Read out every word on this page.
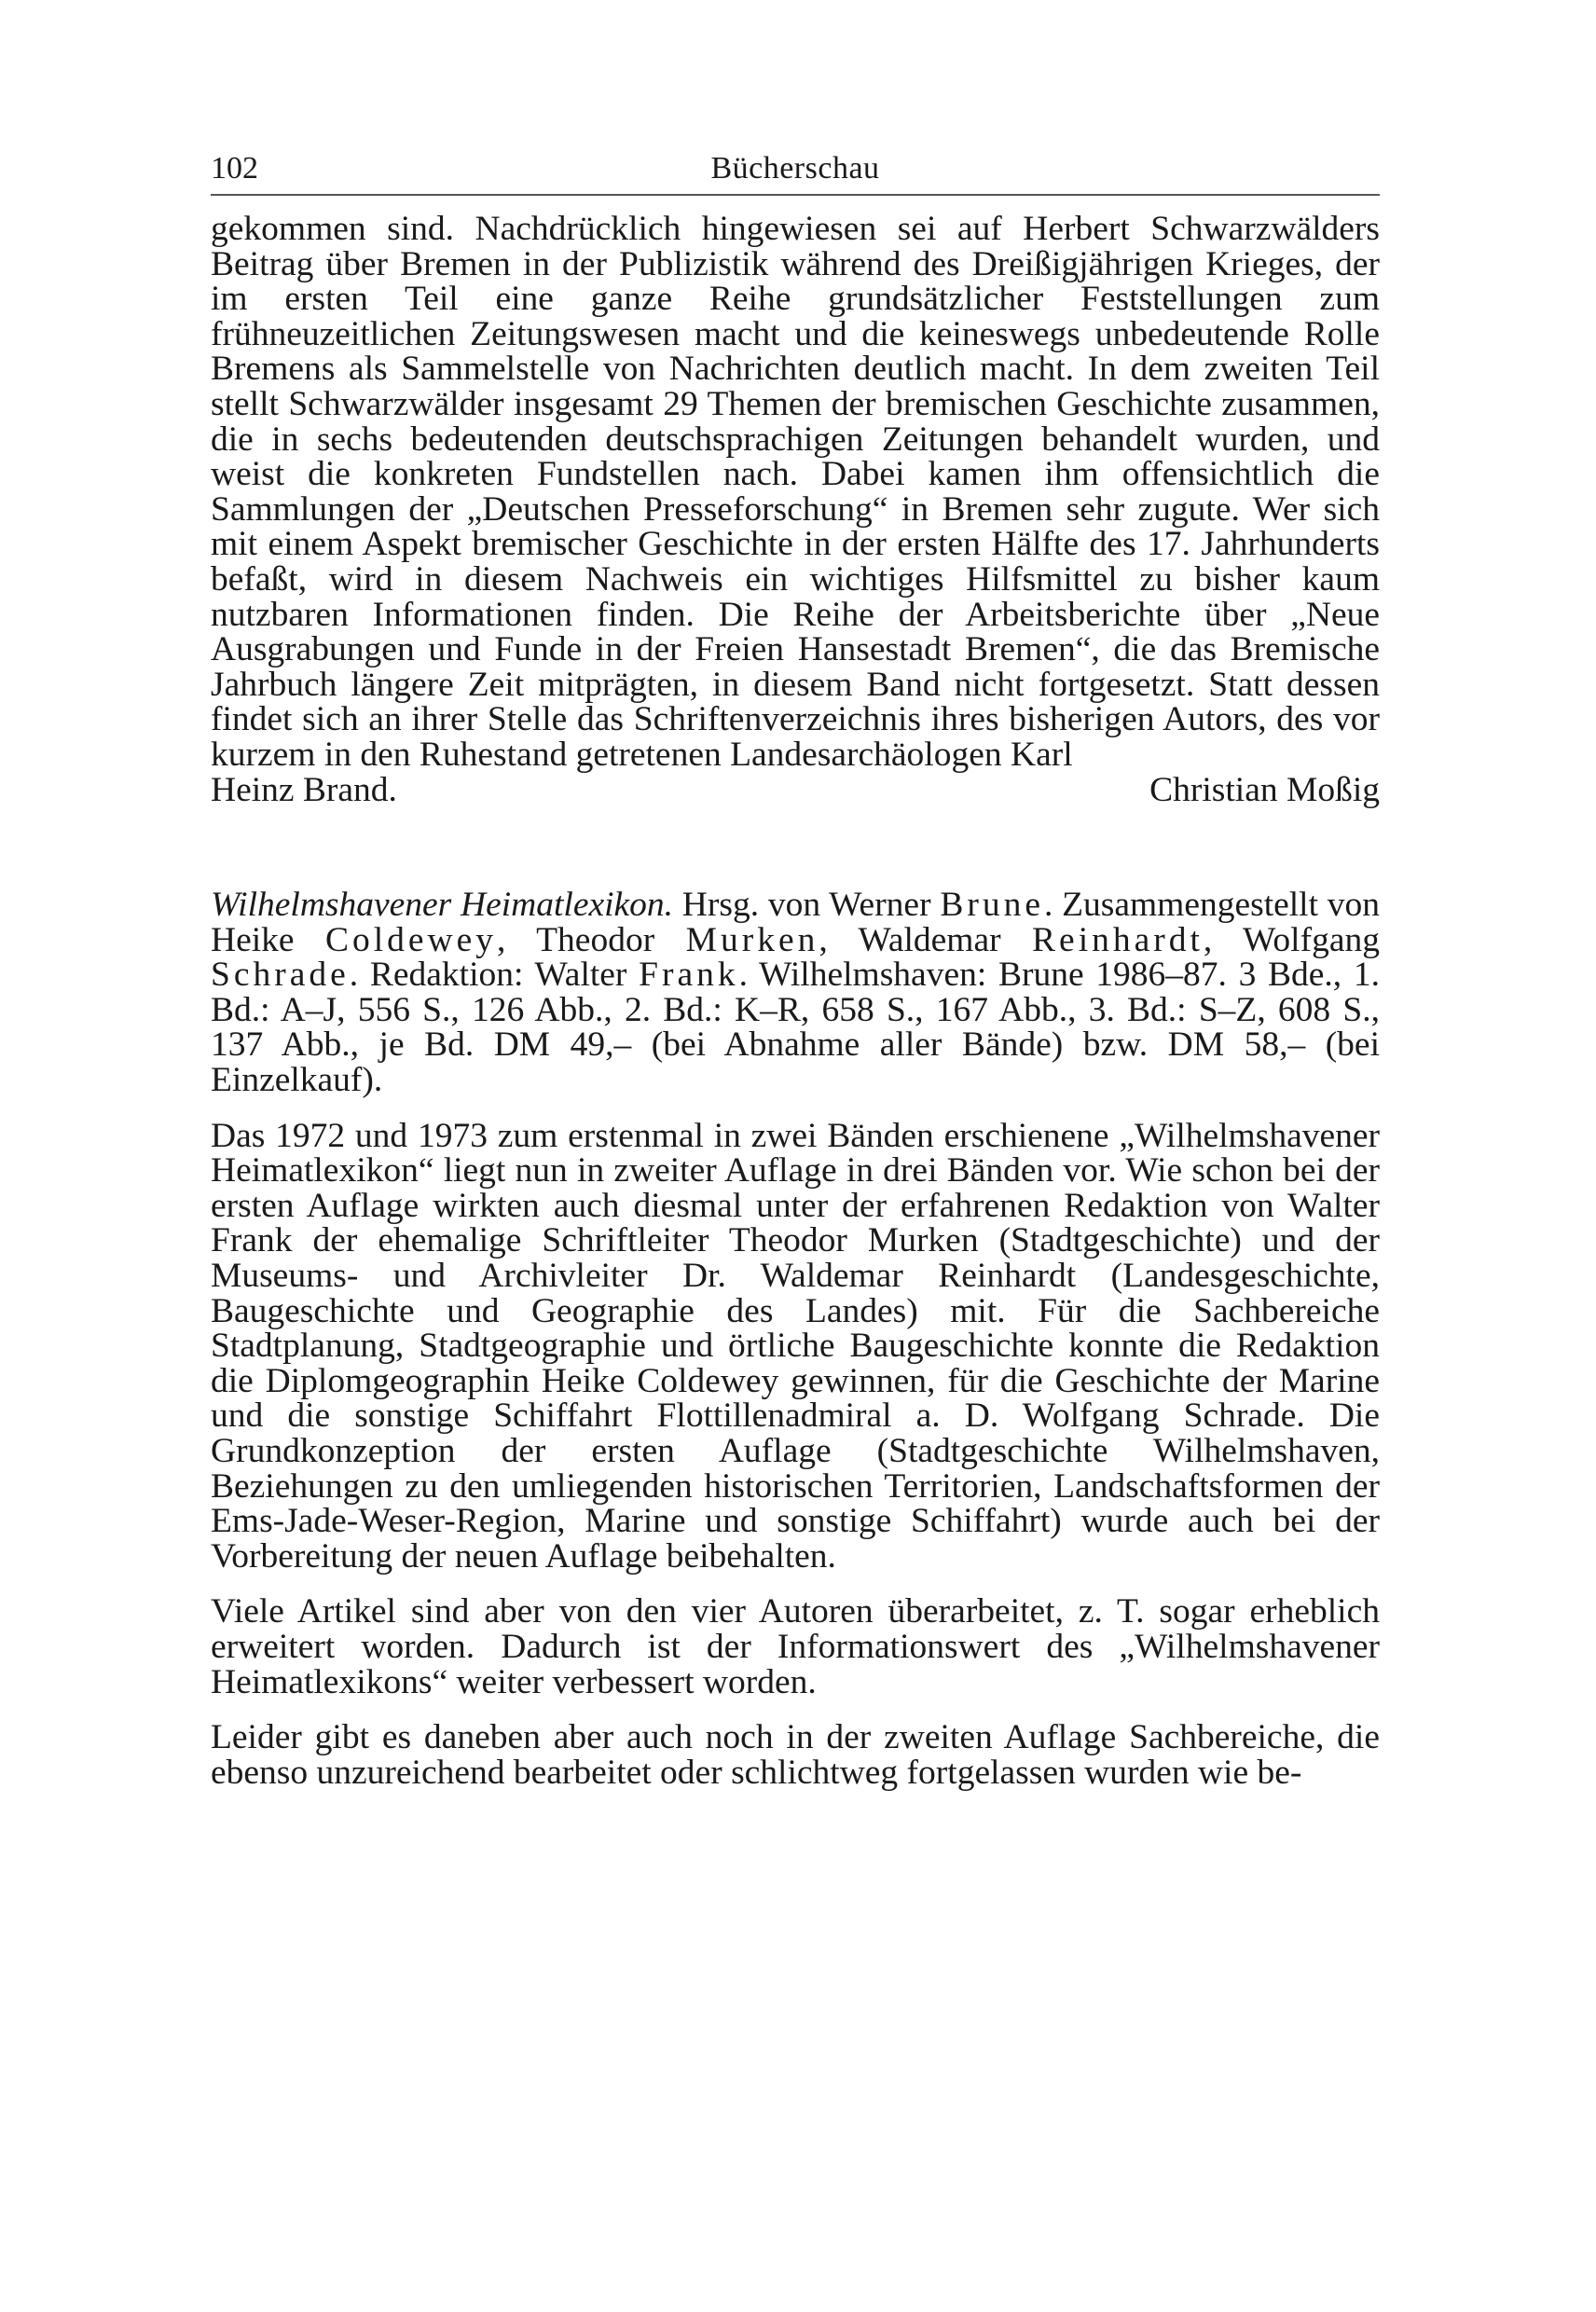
102	Bücherschau

gekommen sind. Nachdrücklich hingewiesen sei auf Herbert Schwarzwälders Beitrag über Bremen in der Publizistik während des Dreißigjährigen Krieges, der im ersten Teil eine ganze Reihe grundsätzlicher Feststellungen zum frühneuzeitlichen Zeitungswesen macht und die keineswegs unbedeutende Rolle Bremens als Sammelstelle von Nachrichten deutlich macht. In dem zweiten Teil stellt Schwarzwälder insgesamt 29 Themen der bremischen Geschichte zusammen, die in sechs bedeutenden deutschsprachigen Zeitungen behandelt wurden, und weist die konkreten Fundstellen nach. Dabei kamen ihm offensichtlich die Sammlungen der „Deutschen Presseforschung“ in Bremen sehr zugute. Wer sich mit einem Aspekt bremischer Geschichte in der ersten Hälfte des 17. Jahrhunderts befaßt, wird in diesem Nachweis ein wichtiges Hilfsmittel zu bisher kaum nutzbaren Informationen finden. Die Reihe der Arbeitsberichte über „Neue Ausgrabungen und Funde in der Freien Hansestadt Bremen“, die das Bremische Jahrbuch längere Zeit mitprägten, in diesem Band nicht fortgesetzt. Statt dessen findet sich an ihrer Stelle das Schriftenverzeichnis ihres bisherigen Autors, des vor kurzem in den Ruhestand getretenen Landesarchäologen Karl

Heinz Brand.	Christian Moßig
Wilhelmshavener Heimatlexikon. Hrsg. von Werner Brune. Zusammengestellt von Heike Coldewey, Theodor Murken, Waldemar Reinhardt, Wolfgang Schrade. Redaktion: Walter Frank. Wilhelmshaven: Brune 1986–87. 3 Bde., 1. Bd.: A–J, 556 S., 126 Abb., 2. Bd.: K–R, 658 S., 167 Abb., 3. Bd.: S–Z, 608 S., 137 Abb., je Bd. DM 49,– (bei Abnahme aller Bände) bzw. DM 58,– (bei Einzelkauf).

Das 1972 und 1973 zum erstenmal in zwei Bänden erschienene „Wilhelmshavener Heimatlexikon“ liegt nun in zweiter Auflage in drei Bänden vor. Wie schon bei der ersten Auflage wirkten auch diesmal unter der erfahrenen Redaktion von Walter Frank der ehemalige Schriftleiter Theodor Murken (Stadtgeschichte) und der Museums- und Archivleiter Dr. Waldemar Reinhardt (Landesgeschichte, Baugeschichte und Geographie des Landes) mit. Für die Sachbereiche Stadtplanung, Stadtgeographie und örtliche Baugeschichte konnte die Redaktion die Diplomgeographin Heike Coldewey gewinnen, für die Geschichte der Marine und die sonstige Schiffahrt Flottillenadmiral a. D. Wolfgang Schrade. Die Grundkonzeption der ersten Auflage (Stadtgeschichte Wilhelmshaven, Beziehungen zu den umliegenden historischen Territorien, Landschaftsformen der Ems-Jade-Weser-Region, Marine und sonstige Schiffahrt) wurde auch bei der Vorbereitung der neuen Auflage beibehalten.

Viele Artikel sind aber von den vier Autoren überarbeitet, z. T. sogar erheblich erweitert worden. Dadurch ist der Informationswert des „Wilhelmshavener Heimatlexikons“ weiter verbessert worden.

Leider gibt es daneben aber auch noch in der zweiten Auflage Sachbereiche, die ebenso unzureichend bearbeitet oder schlichtweg fortgelassen wurden wie be-
